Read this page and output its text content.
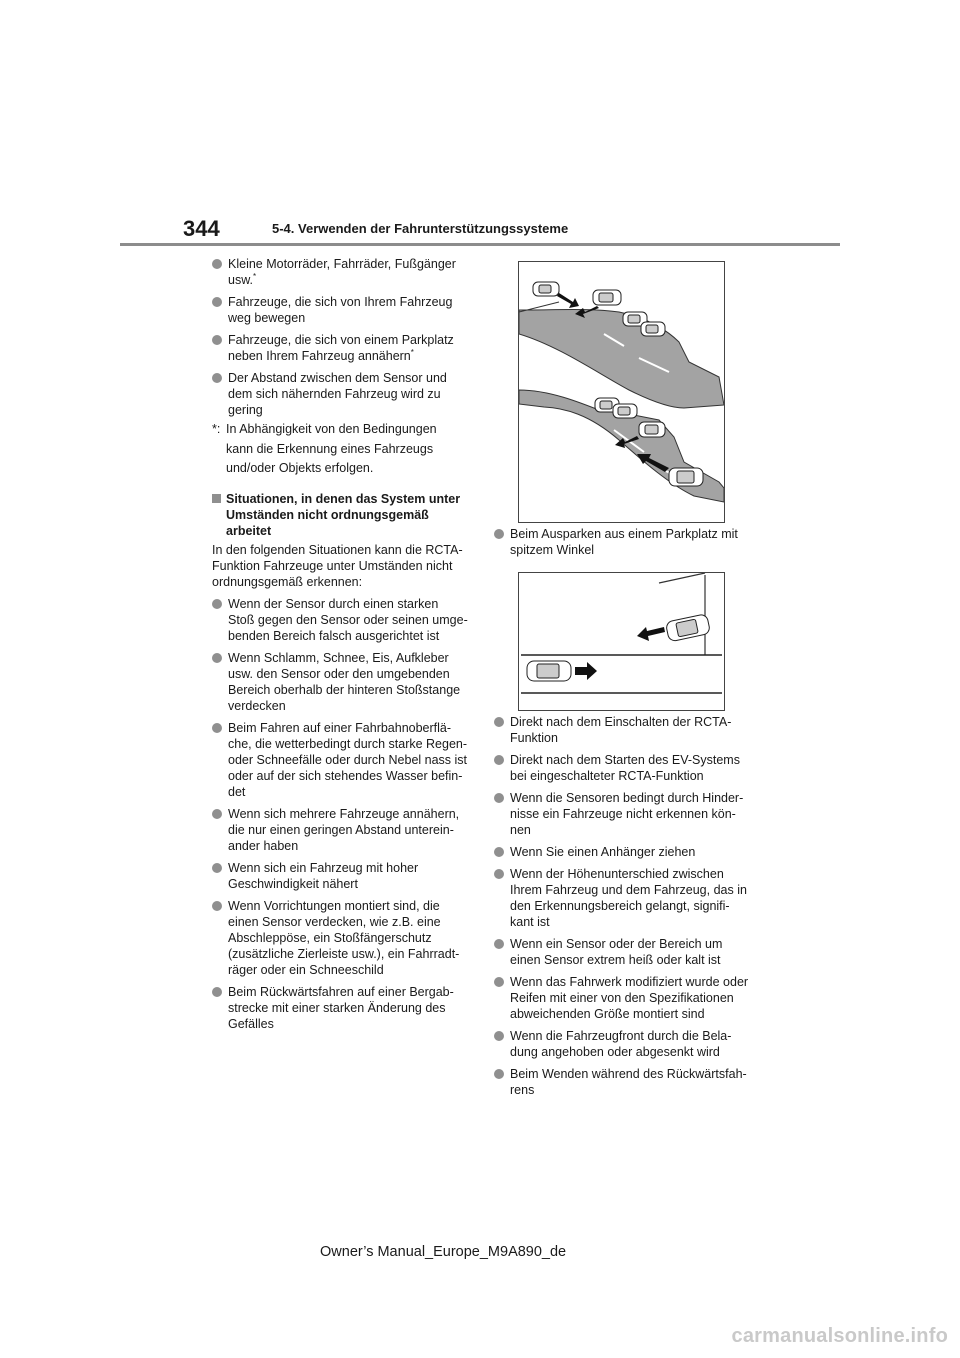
344	5-4. Verwenden der Fahrunterstützungssysteme
Kleine Motorräder, Fahrräder, Fußgänger
usw.*
Fahrzeuge, die sich von Ihrem Fahrzeug
weg bewegen
Fahrzeuge, die sich von einem Parkplatz
neben Ihrem Fahrzeug annähern*
Der Abstand zwischen dem Sensor und
dem sich nähernden Fahrzeug wird zu
gering
*: In Abhängigkeit von den Bedingungen
kann die Erkennung eines Fahrzeugs
und/oder Objekts erfolgen.
Situationen, in denen das System unter
Umständen nicht ordnungsgemäß
arbeitet
In den folgenden Situationen kann die RCTA-
Funktion Fahrzeuge unter Umständen nicht
ordnungsgemäß erkennen:
Wenn der Sensor durch einen starken
Stoß gegen den Sensor oder seinen umge-
benden Bereich falsch ausgerichtet ist
Wenn Schlamm, Schnee, Eis, Aufkleber
usw. den Sensor oder den umgebenden
Bereich oberhalb der hinteren Stoßstange
verdecken
Beim Fahren auf einer Fahrbahnoberflä-
che, die wetterbedingt durch starke Regen-
oder Schneefälle oder durch Nebel nass ist
oder auf der sich stehendes Wasser befin-
det
Wenn sich mehrere Fahrzeuge annähern,
die nur einen geringen Abstand unterein-
ander haben
Wenn sich ein Fahrzeug mit hoher
Geschwindigkeit nähert
Wenn Vorrichtungen montiert sind, die
einen Sensor verdecken, wie z.B. eine
Abschleppöse, ein Stoßfängerschutz
(zusätzliche Zierleiste usw.), ein Fahrradt-
räger oder ein Schneeschild
Beim Rückwärtsfahren auf einer Bergab-
strecke mit einer starken Änderung des
Gefälles
Beim Ausparken aus einem Parkplatz mit
spitzem Winkel
Direkt nach dem Einschalten der RCTA-
Funktion
Direkt nach dem Starten des EV-Systems
bei eingeschalteter RCTA-Funktion
Wenn die Sensoren bedingt durch Hinder-
nisse ein Fahrzeuge nicht erkennen kön-
nen
Wenn Sie einen Anhänger ziehen
Wenn der Höhenunterschied zwischen
Ihrem Fahrzeug und dem Fahrzeug, das in
den Erkennungsbereich gelangt, signifi-
kant ist
Wenn ein Sensor oder der Bereich um
einen Sensor extrem heiß oder kalt ist
Wenn das Fahrwerk modifiziert wurde oder
Reifen mit einer von den Spezifikationen
abweichenden Größe montiert sind
Wenn die Fahrzeugfront durch die Bela-
dung angehoben oder abgesenkt wird
Beim Wenden während des Rückwärtsfah-
rens
Owner’s Manual_Europe_M9A890_de
carmanualsonline.info
